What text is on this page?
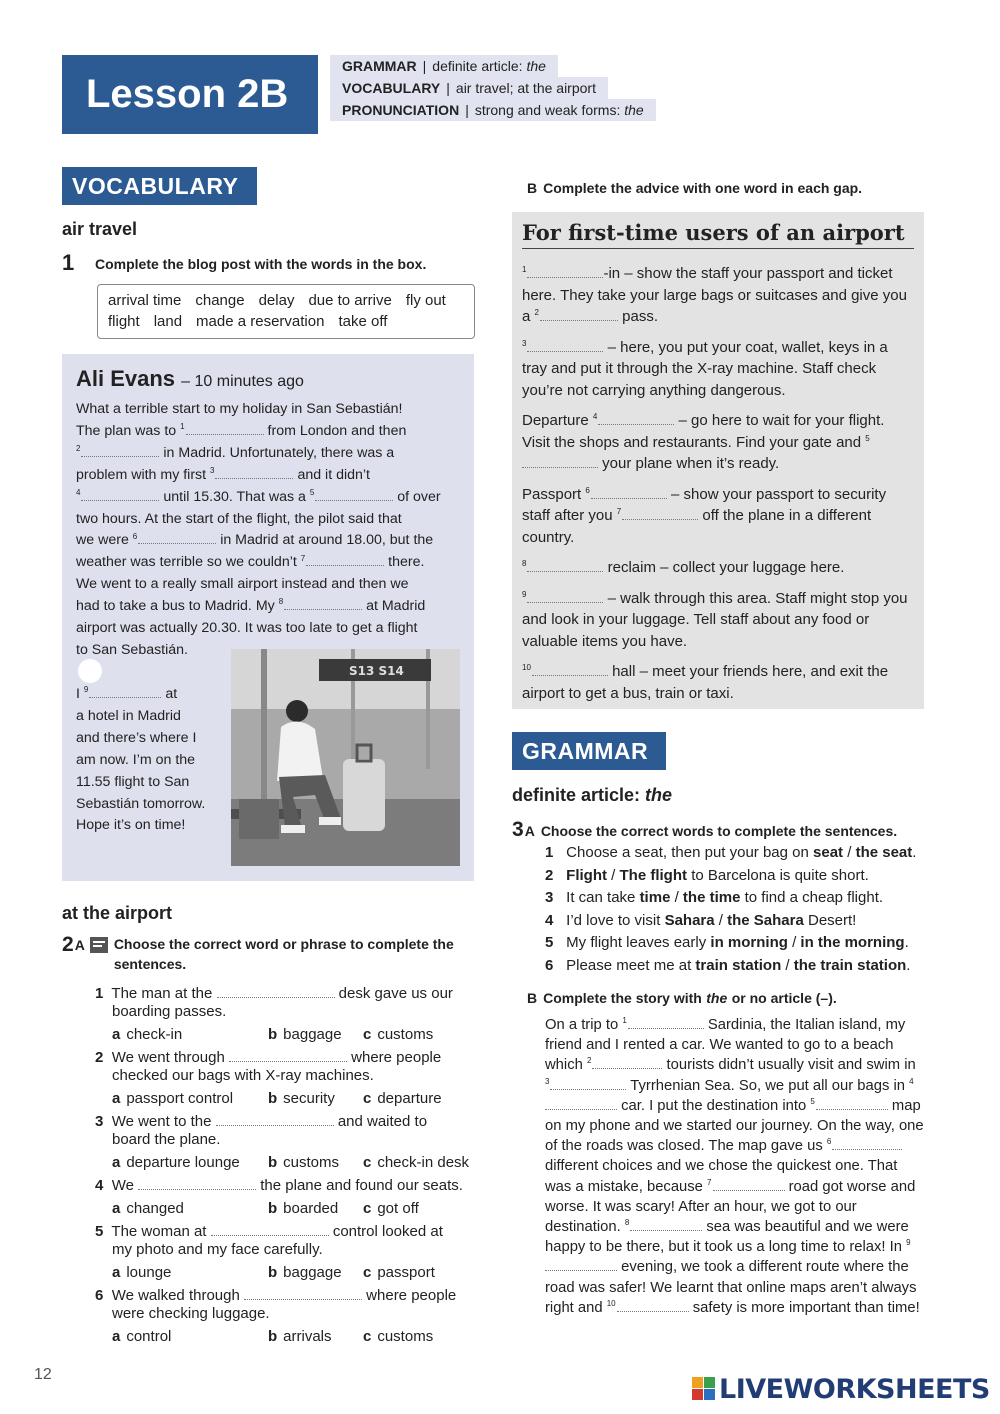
Lesson 2B
GRAMMAR | definite article: the
VOCABULARY | air travel; at the airport
PRONUNCIATION | strong and weak forms: the
VOCABULARY
air travel
1 Complete the blog post with the words in the box.
arrival time change delay due to arrive fly out
flight land made a reservation take off
Ali Evans – 10 minutes ago
What a terrible start to my holiday in San Sebastián!
The plan was to $^1$	from London and then
$^2$	in Madrid. Unfortunately, there was a
problem with my first $^3$	and it didn’t
$^4$	until 15.30. That was a $^5$	of over
two hours. At the start of the flight, the pilot said that
we were $^6$	in Madrid at around 18.00, but the
weather was terrible so we couldn’t $^7$	there.
We went to a really small airport instead and then we
had to take a bus to Madrid. My $^8$	at Madrid
airport was actually 20.30. It was too late to get a flight
to San Sebastián.
I $^9$	at
a hotel in Madrid
and there’s where I
am now. I’m on the
11.55 flight to San
Sebastián tomorrow.
Hope it’s on time!
S13 S14
at the airport
2 A Choose the correct word or phrase to complete the sentences.
1 The man at the	desk gave us our
boarding passes.
a check-in	b baggage	c customs
2 We went through	where people
checked our bags with X-ray machines.
a passport control	b security	c departure
3 We went to the	and waited to
board the plane.
a departure lounge	b customs	c check-in desk
4 We	the plane and found our seats.
a changed	b boarded	c got off
5 The woman at	control looked at
my photo and my face carefully.
a lounge	b baggage	c passport
6 We walked through	where people
were checking luggage.
a control	b arrivals	c customs
B Complete the advice with one word in each gap.
For first-time users of an airport
$^1$	-in – show the staff your passport and ticket here. They take your large bags or suitcases and give you a $^2$	pass.
$^3$	– here, you put your coat, wallet, keys in a tray and put it through the X-ray machine. Staff check you’re not carrying anything dangerous.
Departure $^4$	– go here to wait for your flight. Visit the shops and restaurants. Find your gate and $^5$ your plane when it’s ready.
Passport $^6$	– show your passport to security staff after you $^7$	off the plane in a different country.
$^8$	reclaim – collect your luggage here.
$^9$	– walk through this area. Staff might stop you and look in your luggage. Tell staff about any food or valuable items you have.
$^{10}$	hall – meet your friends here, and exit the airport to get a bus, train or taxi.
GRAMMAR
definite article: the
3A Choose the correct words to complete the sentences.
1 Choose a seat, then put your bag on seat / the seat.
2 Flight / The flight to Barcelona is quite short.
3 It can take time / the time to find a cheap flight.
4 I’d love to visit Sahara / the Sahara Desert!
5 My flight leaves early in morning / in the morning.
6 Please meet me at train station / the train station.
B Complete the story with the or no article (–).
On a trip to $^1$	Sardinia, the Italian island, my friend and I rented a car. We wanted to go to a beach which $^2$	tourists didn’t usually visit and swim in $^3$	Tyrrhenian Sea. So, we put all our bags in $^4$ car. I put the destination into $^5$	map on my phone and we started our journey. On the way, one of the roads was closed. The map gave us $^6$ different choices and we chose the quickest one. That was a mistake, because $^7$	road got worse and worse. It was scary! After an hour, we got to our destination. $^8$	sea was beautiful and we were happy to be there, but it took us a long time to relax! In $^9$ evening, we took a different route where the road was safer! We learnt that online maps aren’t always right and $^{10}$	safety is more important than time!
12	LIVEWORKSHEETS
